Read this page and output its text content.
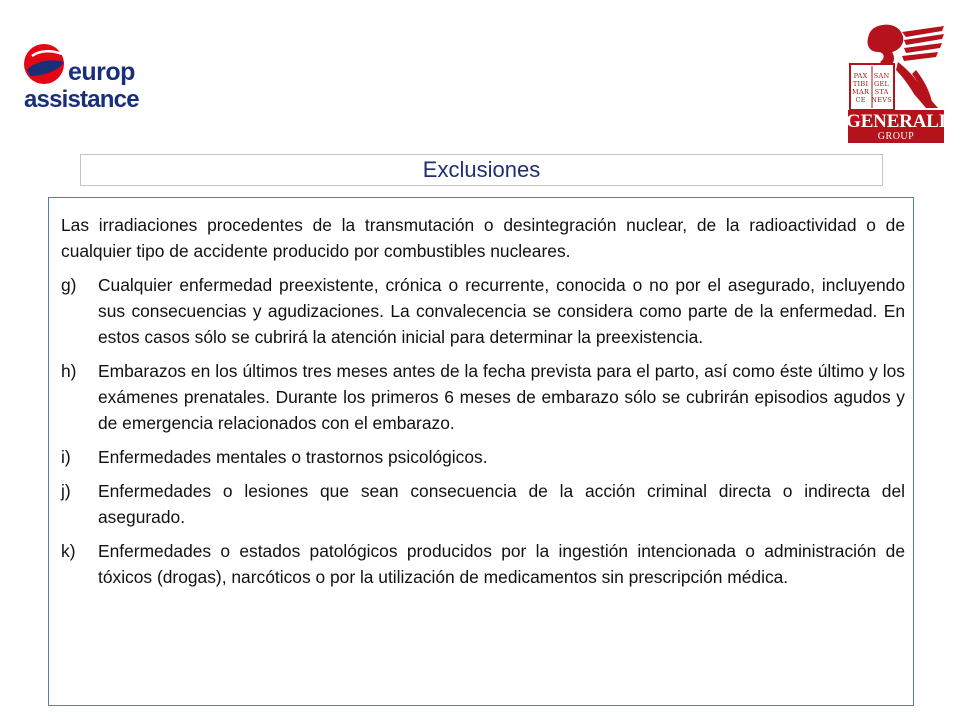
europ
assistance
PAX
TIBI
MAR
CE
SAN
GEL
STA
NEVS
GENERALI
GROUP
Exclusiones

Las irradiaciones procedentes de la transmutación o desintegración nuclear, de la radioactividad o de cualquier tipo de accidente producido por combustibles nucleares.

g)	Cualquier enfermedad preexistente, crónica o recurrente, conocida o no por el asegurado, incluyendo sus consecuencias y agudizaciones. La convalecencia se considera como parte de la enfermedad. En estos casos sólo se cubrirá la atención inicial para determinar la preexistencia.
h)	Embarazos en los últimos tres meses antes de la fecha prevista para el parto, así como éste último y los exámenes prenatales. Durante los primeros 6 meses de embarazo sólo se cubrirán episodios agudos y de emergencia relacionados con el embarazo.
i)	Enfermedades mentales o trastornos psicológicos.
j)	Enfermedades o lesiones que sean consecuencia de la acción criminal directa o indirecta del asegurado.
k)	Enfermedades o estados patológicos producidos por la ingestión intencionada o administración de tóxicos (drogas), narcóticos o por la utilización de medicamentos sin prescripción médica.
